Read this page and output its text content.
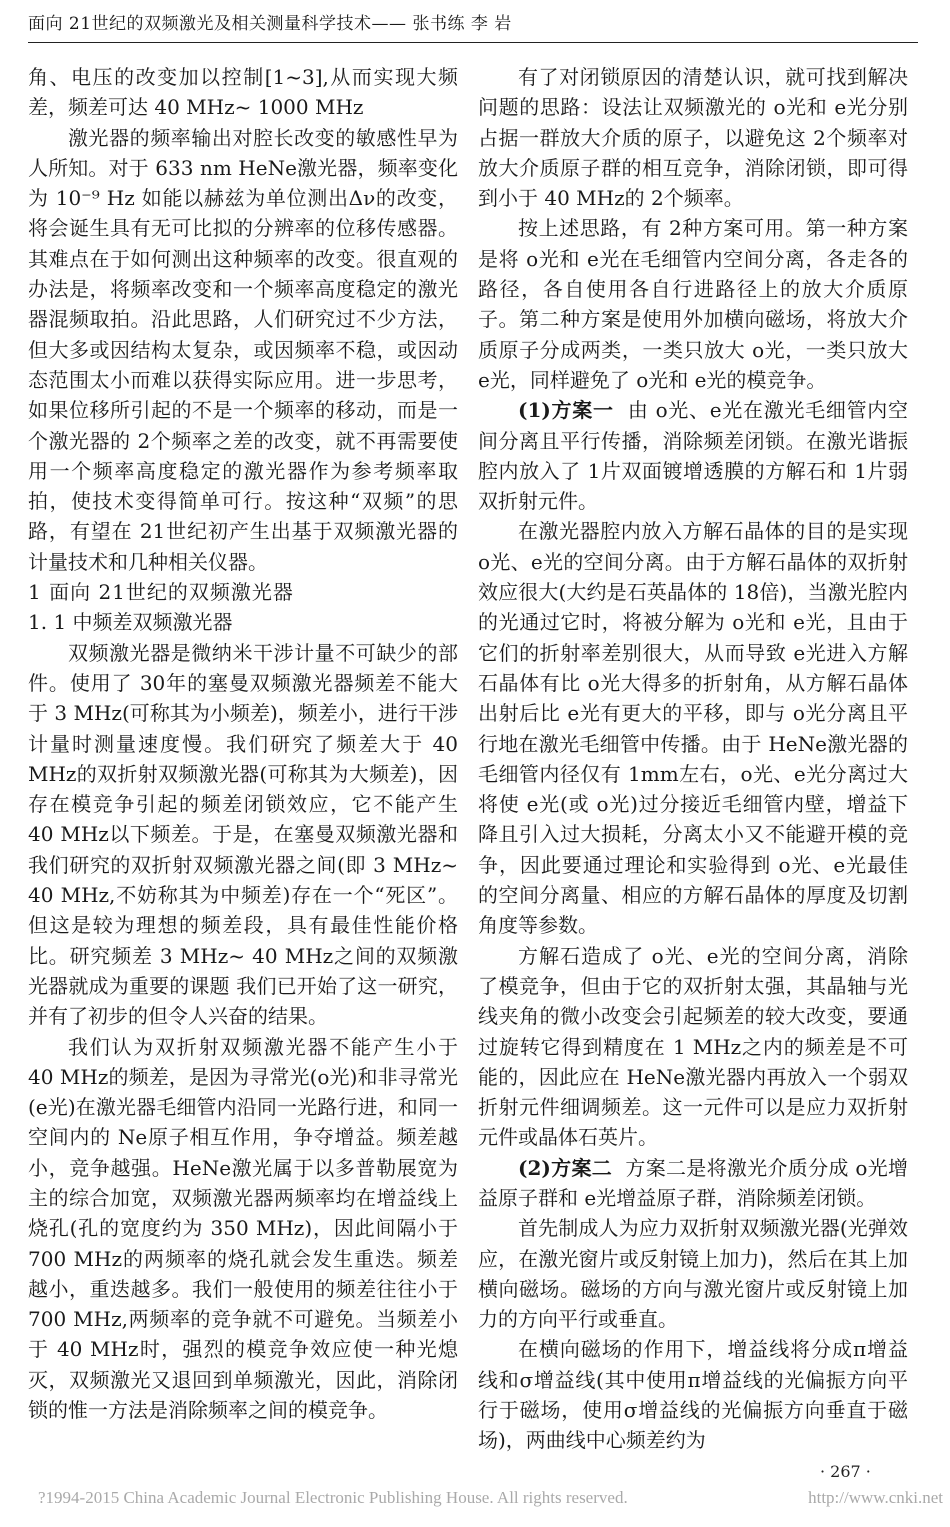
面向 21世纪的双频激光及相关测量科学技术—— 张书练 李 岩

角、电压的改变加以控制[1~3],从而实现大频差，频差可达 40 MHz~ 1000 MHz

激光器的频率输出对腔长改变的敏感性早为人所知。对于 633 nm HeNe激光器，频率变化为 10⁻⁹ Hz 如能以赫兹为单位测出Δν的改变，将会诞生具有无可比拟的分辨率的位移传感器。其难点在于如何测出这种频率的改变。很直观的办法是，将频率改变和一个频率高度稳定的激光器混频取拍。沿此思路，人们研究过不少方法，但大多或因结构太复杂，或因频率不稳，或因动态范围太小而难以获得实际应用。进一步思考，如果位移所引起的不是一个频率的移动，而是一个激光器的 2个频率之差的改变，就不再需要使用一个频率高度稳定的激光器作为参考频率取拍，使技术变得简单可行。按这种“双频”的思路，有望在 21世纪初产生出基于双频激光器的计量技术和几种相关仪器。

1 面向 21世纪的双频激光器

1. 1 中频差双频激光器

双频激光器是微纳米干涉计量不可缺少的部件。使用了 30年的塞曼双频激光器频差不能大于 3 MHz(可称其为小频差)，频差小，进行干涉计量时测量速度慢。我们研究了频差大于 40 MHz的双折射双频激光器(可称其为大频差)，因存在模竞争引起的频差闭锁效应，它不能产生 40 MHz以下频差。于是，在塞曼双频激光器和我们研究的双折射双频激光器之间(即 3 MHz~ 40 MHz,不妨称其为中频差)存在一个“死区”。但这是较为理想的频差段，具有最佳性能价格比。研究频差 3 MHz~ 40 MHz之间的双频激光器就成为重要的课题 我们已开始了这一研究，并有了初步的但令人兴奋的结果。

我们认为双折射双频激光器不能产生小于 40 MHz的频差，是因为寻常光(o光)和非寻常光(e光)在激光器毛细管内沿同一光路行进，和同一空间内的 Ne原子相互作用，争夺增益。频差越小，竞争越强。HeNe激光属于以多普勒展宽为主的综合加宽，双频激光器两频率均在增益线上烧孔(孔的宽度约为 350 MHz)，因此间隔小于 700 MHz的两频率的烧孔就会发生重迭。频差越小，重迭越多。我们一般使用的频差往往小于 700 MHz,两频率的竞争就不可避免。当频差小于 40 MHz时，强烈的模竞争效应使一种光熄灭，双频激光又退回到单频激光，因此，消除闭锁的惟一方法是消除频率之间的模竞争。

有了对闭锁原因的清楚认识，就可找到解决问题的思路：设法让双频激光的 o光和 e光分别占据一群放大介质的原子，以避免这 2个频率对放大介质原子群的相互竞争，消除闭锁，即可得到小于 40 MHz的 2个频率。

按上述思路，有 2种方案可用。第一种方案是将 o光和 e光在毛细管内空间分离，各走各的路径，各自使用各自行进路径上的放大介质原子。第二种方案是使用外加横向磁场，将放大介质原子分成两类，一类只放大 o光，一类只放大 e光，同样避免了 o光和 e光的模竞争。

(1)方案一 由 o光、e光在激光毛细管内空间分离且平行传播，消除频差闭锁。在激光谐振腔内放入了 1片双面镀增透膜的方解石和 1片弱双折射元件。

在激光器腔内放入方解石晶体的目的是实现 o光、e光的空间分离。由于方解石晶体的双折射效应很大(大约是石英晶体的 18倍)，当激光腔内的光通过它时，将被分解为 o光和 e光，且由于它们的折射率差别很大，从而导致 e光进入方解石晶体有比 o光大得多的折射角，从方解石晶体出射后比 e光有更大的平移，即与 o光分离且平行地在激光毛细管中传播。由于 HeNe激光器的毛细管内径仅有 1mm左右，o光、e光分离过大将使 e光(或 o光)过分接近毛细管内壁，增益下降且引入过大损耗，分离太小又不能避开模的竞争，因此要通过理论和实验得到 o光、e光最佳的空间分离量、相应的方解石晶体的厚度及切割角度等参数。

方解石造成了 o光、e光的空间分离，消除了模竞争，但由于它的双折射太强，其晶轴与光线夹角的微小改变会引起频差的较大改变，要通过旋转它得到精度在 1 MHz之内的频差是不可能的，因此应在 HeNe激光器内再放入一个弱双折射元件细调频差。这一元件可以是应力双折射元件或晶体石英片。

(2)方案二 方案二是将激光介质分成 o光增益原子群和 e光增益原子群，消除频差闭锁。

首先制成人为应力双折射双频激光器(光弹效应，在激光窗片或反射镜上加力)，然后在其上加横向磁场。磁场的方向与激光窗片或反射镜上加力的方向平行或垂直。

在横向磁场的作用下，增益线将分成π增益线和σ增益线(其中使用π增益线的光偏振方向平行于磁场，使用σ增益线的光偏振方向垂直于磁场)，两曲线中心频差约为

· 267 ·
?1994-2015 China Academic Journal Electronic Publishing House. All rights reserved.	http://www.cnki.net
